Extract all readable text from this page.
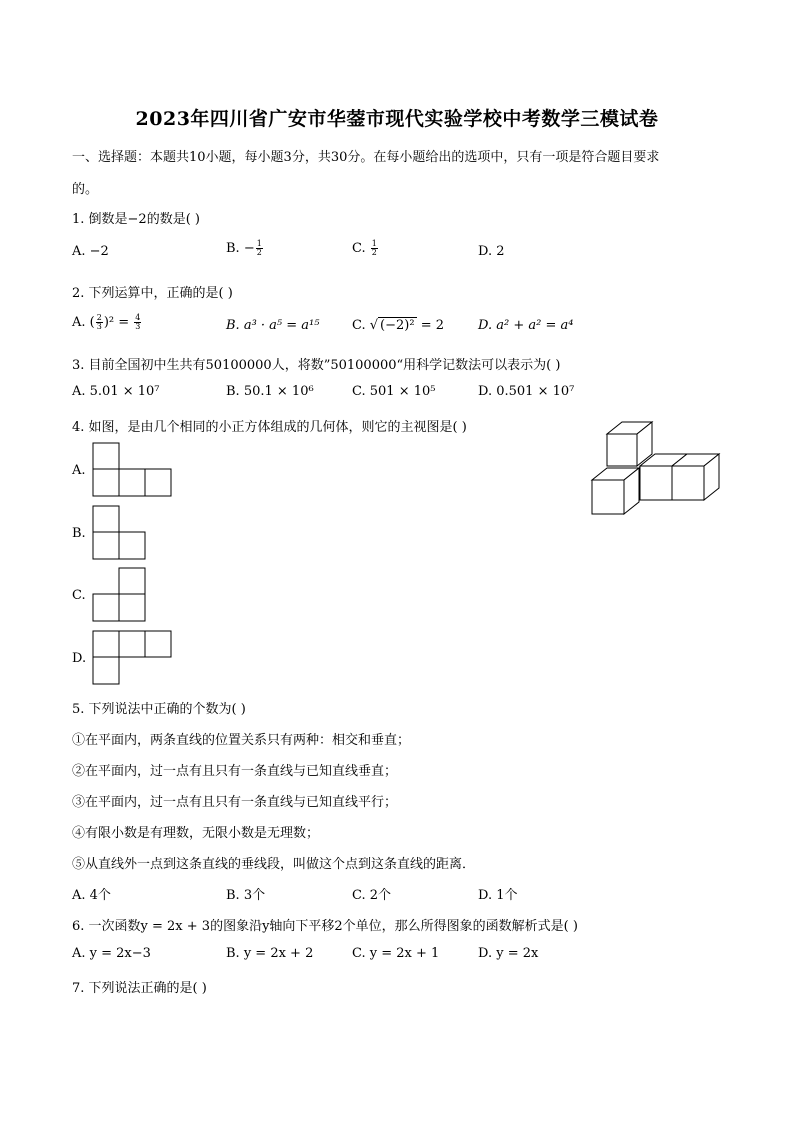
2023年四川省广安市华蓥市现代实验学校中考数学三模试卷
一、选择题：本题共10小题，每小题3分，共30分。在每小题给出的选项中，只有一项是符合题目要求
的。
1. 倒数是−2的数是( )
A. −2	B. − $\frac{1}{2}$	C. $\frac{1}{2}$	D. 2
2. 下列运算中，正确的是( )
A. ( $\frac{2}{3} )^2 = \frac{4}{3}$	B. a³ · a⁵ = a¹⁵	C. √ (−2)² = 2	D. a² + a² = a⁴
3. 目前全国初中生共有50100000人，将数”50100000“用科学记数法可以表示为( )
A. 5.01 × 10⁷	B. 50.1 × 10⁶	C. 501 × 10⁵	D. 0.501 × 10⁷
4. 如图，是由几个相同的小正方体组成的几何体，则它的主视图是( )
A.
B.
C.
D.
5. 下列说法中正确的个数为( )
①在平面内，两条直线的位置关系只有两种：相交和垂直；
②在平面内，过一点有且只有一条直线与已知直线垂直；
③在平面内，过一点有且只有一条直线与已知直线平行；
④有限小数是有理数，无限小数是无理数；
⑤从直线外一点到这条直线的垂线段，叫做这个点到这条直线的距离．
A. 4个	B. 3个	C. 2个	D. 1个
6. 一次函数y = 2x + 3的图象沿y轴向下平移2个单位，那么所得图象的函数解析式是( )
A. y = 2x−3	B. y = 2x + 2	C. y = 2x + 1	D. y = 2x
7. 下列说法正确的是( )
